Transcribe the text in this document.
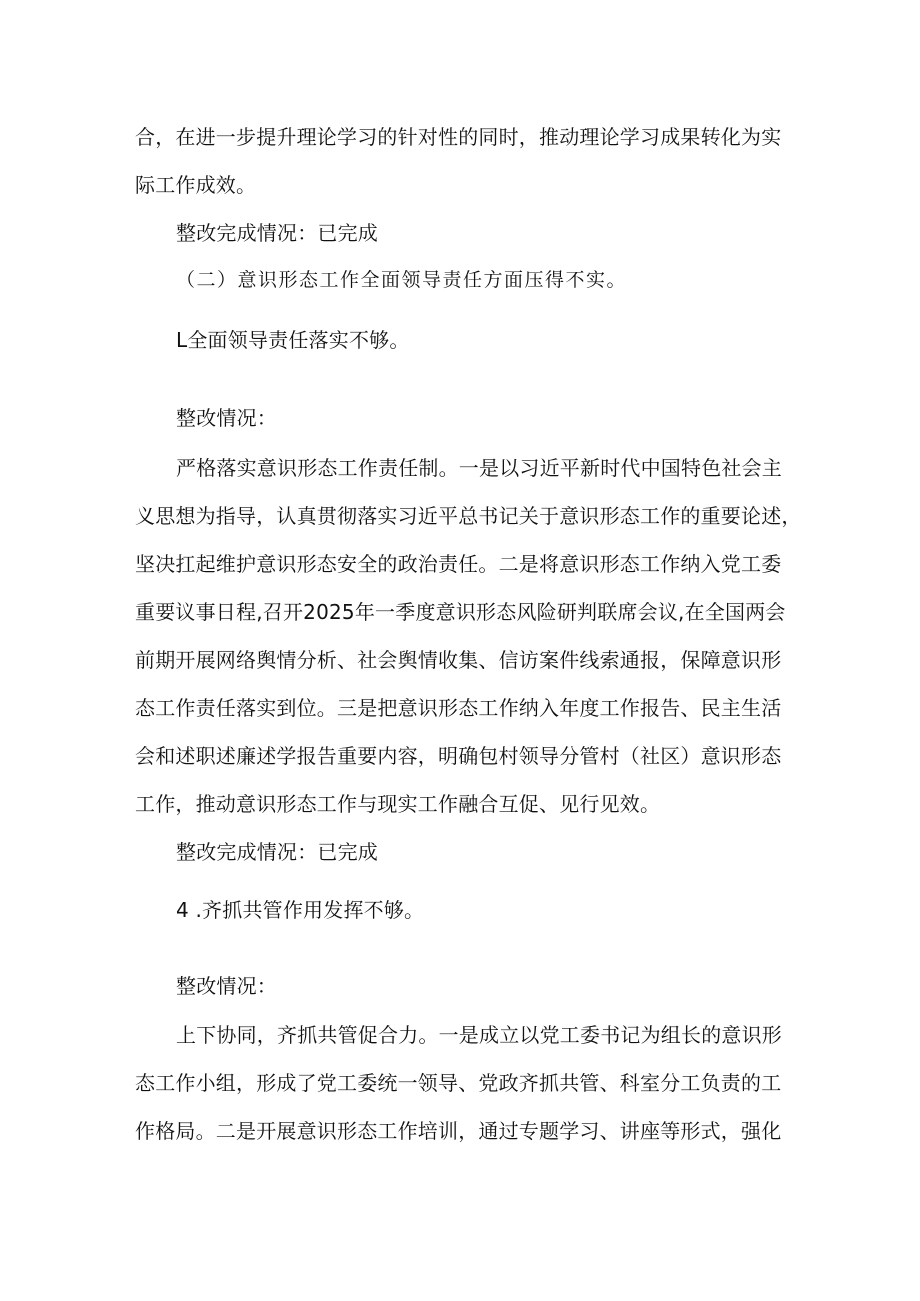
合，在进一步提升理论学习的针对性的同时，推动理论学习成果转化为实
际工作成效。
整改完成情况：已完成
（二）意识形态工作全面领导责任方面压得不实。
L全面领导责任落实不够。
整改情况：
严格落实意识形态工作责任制。一是以习近平新时代中国特色社会主
义思想为指导，认真贯彻落实习近平总书记关于意识形态工作的重要论述，
坚决扛起维护意识形态安全的政治责任。二是将意识形态工作纳入党工委
重要议事日程,召开2025年一季度意识形态风险研判联席会议,在全国两会
前期开展网络舆情分析、社会舆情收集、信访案件线索通报，保障意识形
态工作责任落实到位。三是把意识形态工作纳入年度工作报告、民主生活
会和述职述廉述学报告重要内容，明确包村领导分管村（社区）意识形态
工作，推动意识形态工作与现实工作融合互促、见行见效。
整改完成情况：已完成
4 .齐抓共管作用发挥不够。
整改情况：
上下协同，齐抓共管促合力。一是成立以党工委书记为组长的意识形
态工作小组，形成了党工委统一领导、党政齐抓共管、科室分工负责的工
作格局。二是开展意识形态工作培训，通过专题学习、讲座等形式，强化
